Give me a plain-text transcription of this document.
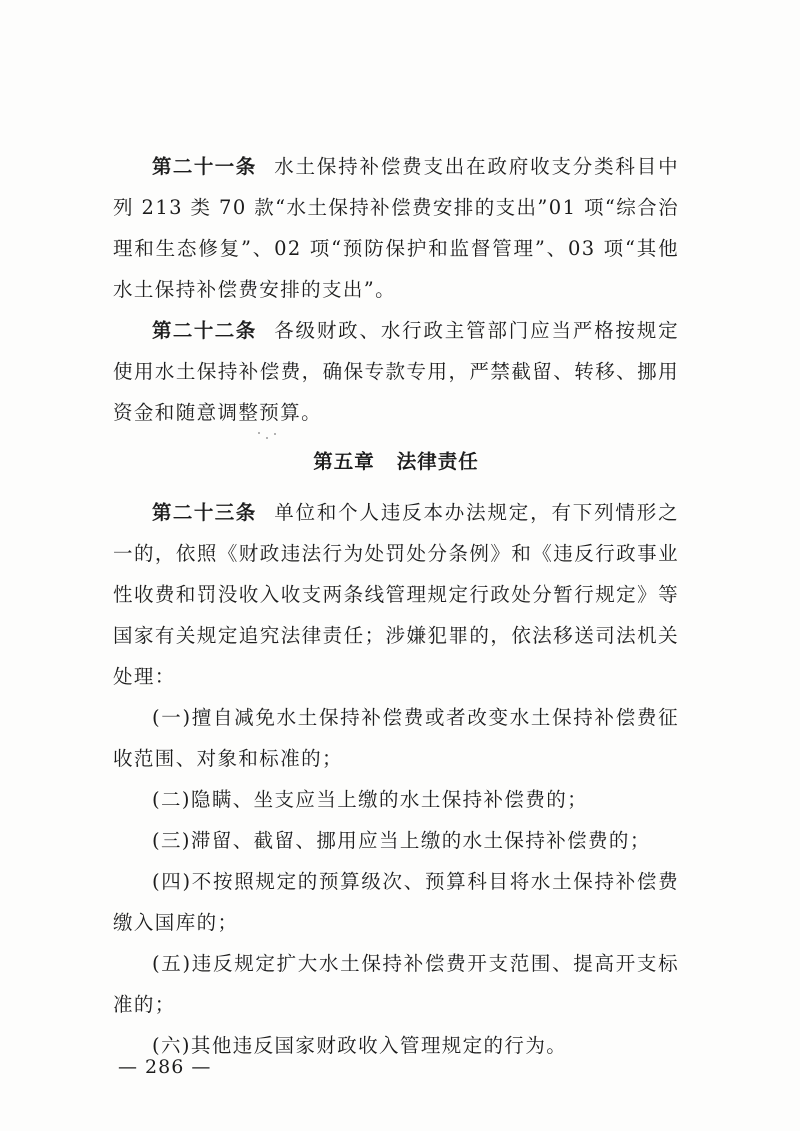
第二十一条 水土保持补偿费支出在政府收支分类科目中列 213 类 70 款“水土保持补偿费安排的支出”01 项“综合治理和生态修复”、02 项“预防保护和监督管理”、03 项“其他水土保持补偿费安排的支出”。

第二十二条 各级财政、水行政主管部门应当严格按规定使用水土保持补偿费，确保专款专用，严禁截留、转移、挪用资金和随意调整预算。

第五章 法律责任

第二十三条 单位和个人违反本办法规定，有下列情形之一的，依照《财政违法行为处罚处分条例》和《违反行政事业性收费和罚没收入收支两条线管理规定行政处分暂行规定》等国家有关规定追究法律责任；涉嫌犯罪的，依法移送司法机关处理：

(一)擅自减免水土保持补偿费或者改变水土保持补偿费征收范围、对象和标准的；

(二)隐瞒、坐支应当上缴的水土保持补偿费的；

(三)滞留、截留、挪用应当上缴的水土保持补偿费的；

(四)不按照规定的预算级次、预算科目将水土保持补偿费缴入国库的；

(五)违反规定扩大水土保持补偿费开支范围、提高开支标准的；

(六)其他违反国家财政收入管理规定的行为。

— 286 —
